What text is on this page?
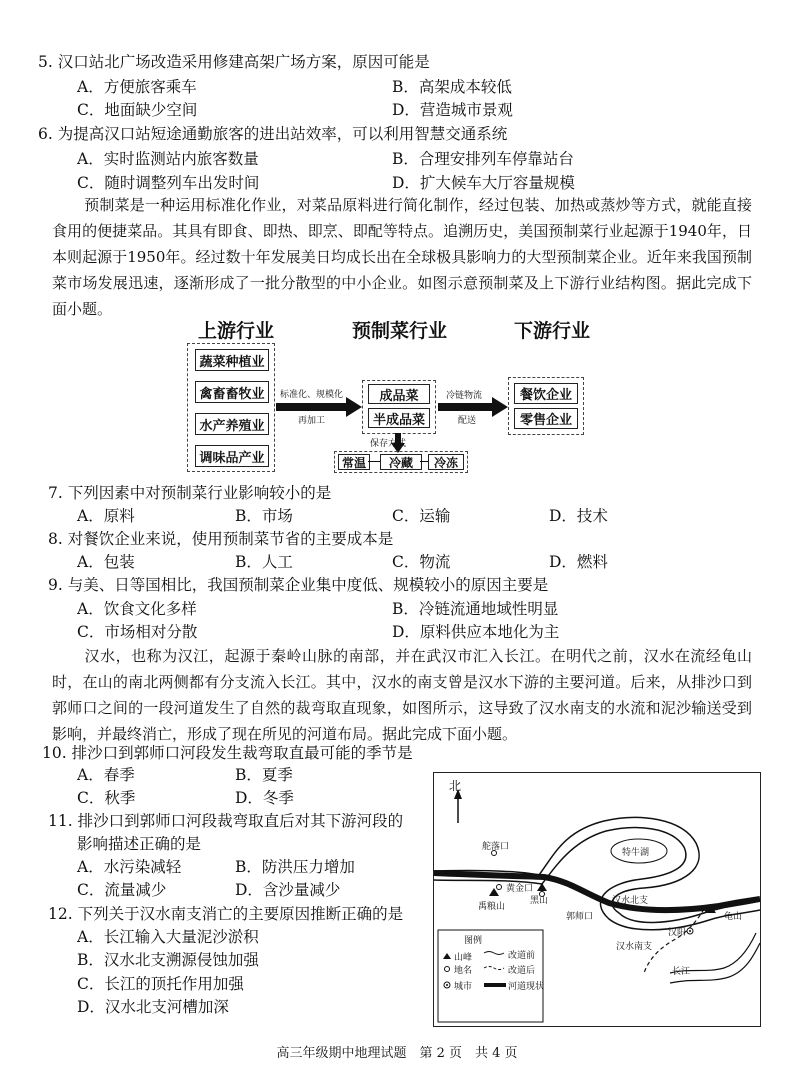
5. 汉口站北广场改造采用修建高架广场方案，原因可能是
A．方便旅客乘车	B．高架成本较低
C．地面缺少空间	D．营造城市景观
6. 为提高汉口站短途通勤旅客的进出站效率，可以利用智慧交通系统
A．实时监测站内旅客数量	B．合理安排列车停靠站台
C．随时调整列车出发时间	D．扩大候车大厅容量规模
预制菜是一种运用标准化作业，对菜品原料进行简化制作，经过包装、加热或蒸炒等方式，就能直接食用的便捷菜品。其具有即食、即热、即烹、即配等特点。追溯历史，美国预制菜行业起源于1940年，日本则起源于1950年。经过数十年发展美日均成长出在全球极具影响力的大型预制菜企业。近年来我国预制菜市场发展迅速，逐渐形成了一批分散型的中小企业。如图示意预制菜及上下游行业结构图。据此完成下面小题。
上游行业	预制菜行业	下游行业
蔬菜种植业
禽畜畜牧业
水产养殖业
调味品产业
标准化、规模化
再加工
成品菜
半成品菜
冷链物流
配送
餐饮企业
零售企业
保存方式
常温	冷藏	冷冻
7. 下列因素中对预制菜行业影响较小的是
A．原料	B．市场	C．运输	D．技术
8. 对餐饮企业来说，使用预制菜节省的主要成本是
A．包装	B．人工	C．物流	D．燃料
9. 与美、日等国相比，我国预制菜企业集中度低、规模较小的原因主要是
A．饮食文化多样	B．冷链流通地域性明显
C．市场相对分散	D．原料供应本地化为主
汉水，也称为汉江，起源于秦岭山脉的南部，并在武汉市汇入长江。在明代之前，汉水在流经龟山时，在山的南北两侧都有分支流入长江。其中，汉水的南支曾是汉水下游的主要河道。后来，从排沙口到郭师口之间的一段河道发生了自然的裁弯取直现象，如图所示，这导致了汉水南支的水流和泥沙输送受到影响，并最终消亡，形成了现在所见的河道布局。据此完成下面小题。
10. 排沙口到郭师口河段发生裁弯取直最可能的季节是
A．春季	B．夏季
C．秋季	D．冬季
11. 排沙口到郭师口河段裁弯取直后对其下游河段的
影响描述正确的是
A．水污染减轻	B．防洪压力增加
C．流量减少	D．含沙量减少
12. 下列关于汉水南支消亡的主要原因推断正确的是
A．长江输入大量泥沙淤积
B．汉水北支溯源侵蚀加强
C．长江的顶托作用加强
D．汉水北支河槽加深
北
特牛湖
舵落口
黄金口
禹粮山
黑山
郭师口
汉水北支
汉水南支
汉阳
龟山
长江
图例
山峰
地名
城市
改道前
改道后
河道现状
高三年级期中地理试题　第 2 页　共 4 页
